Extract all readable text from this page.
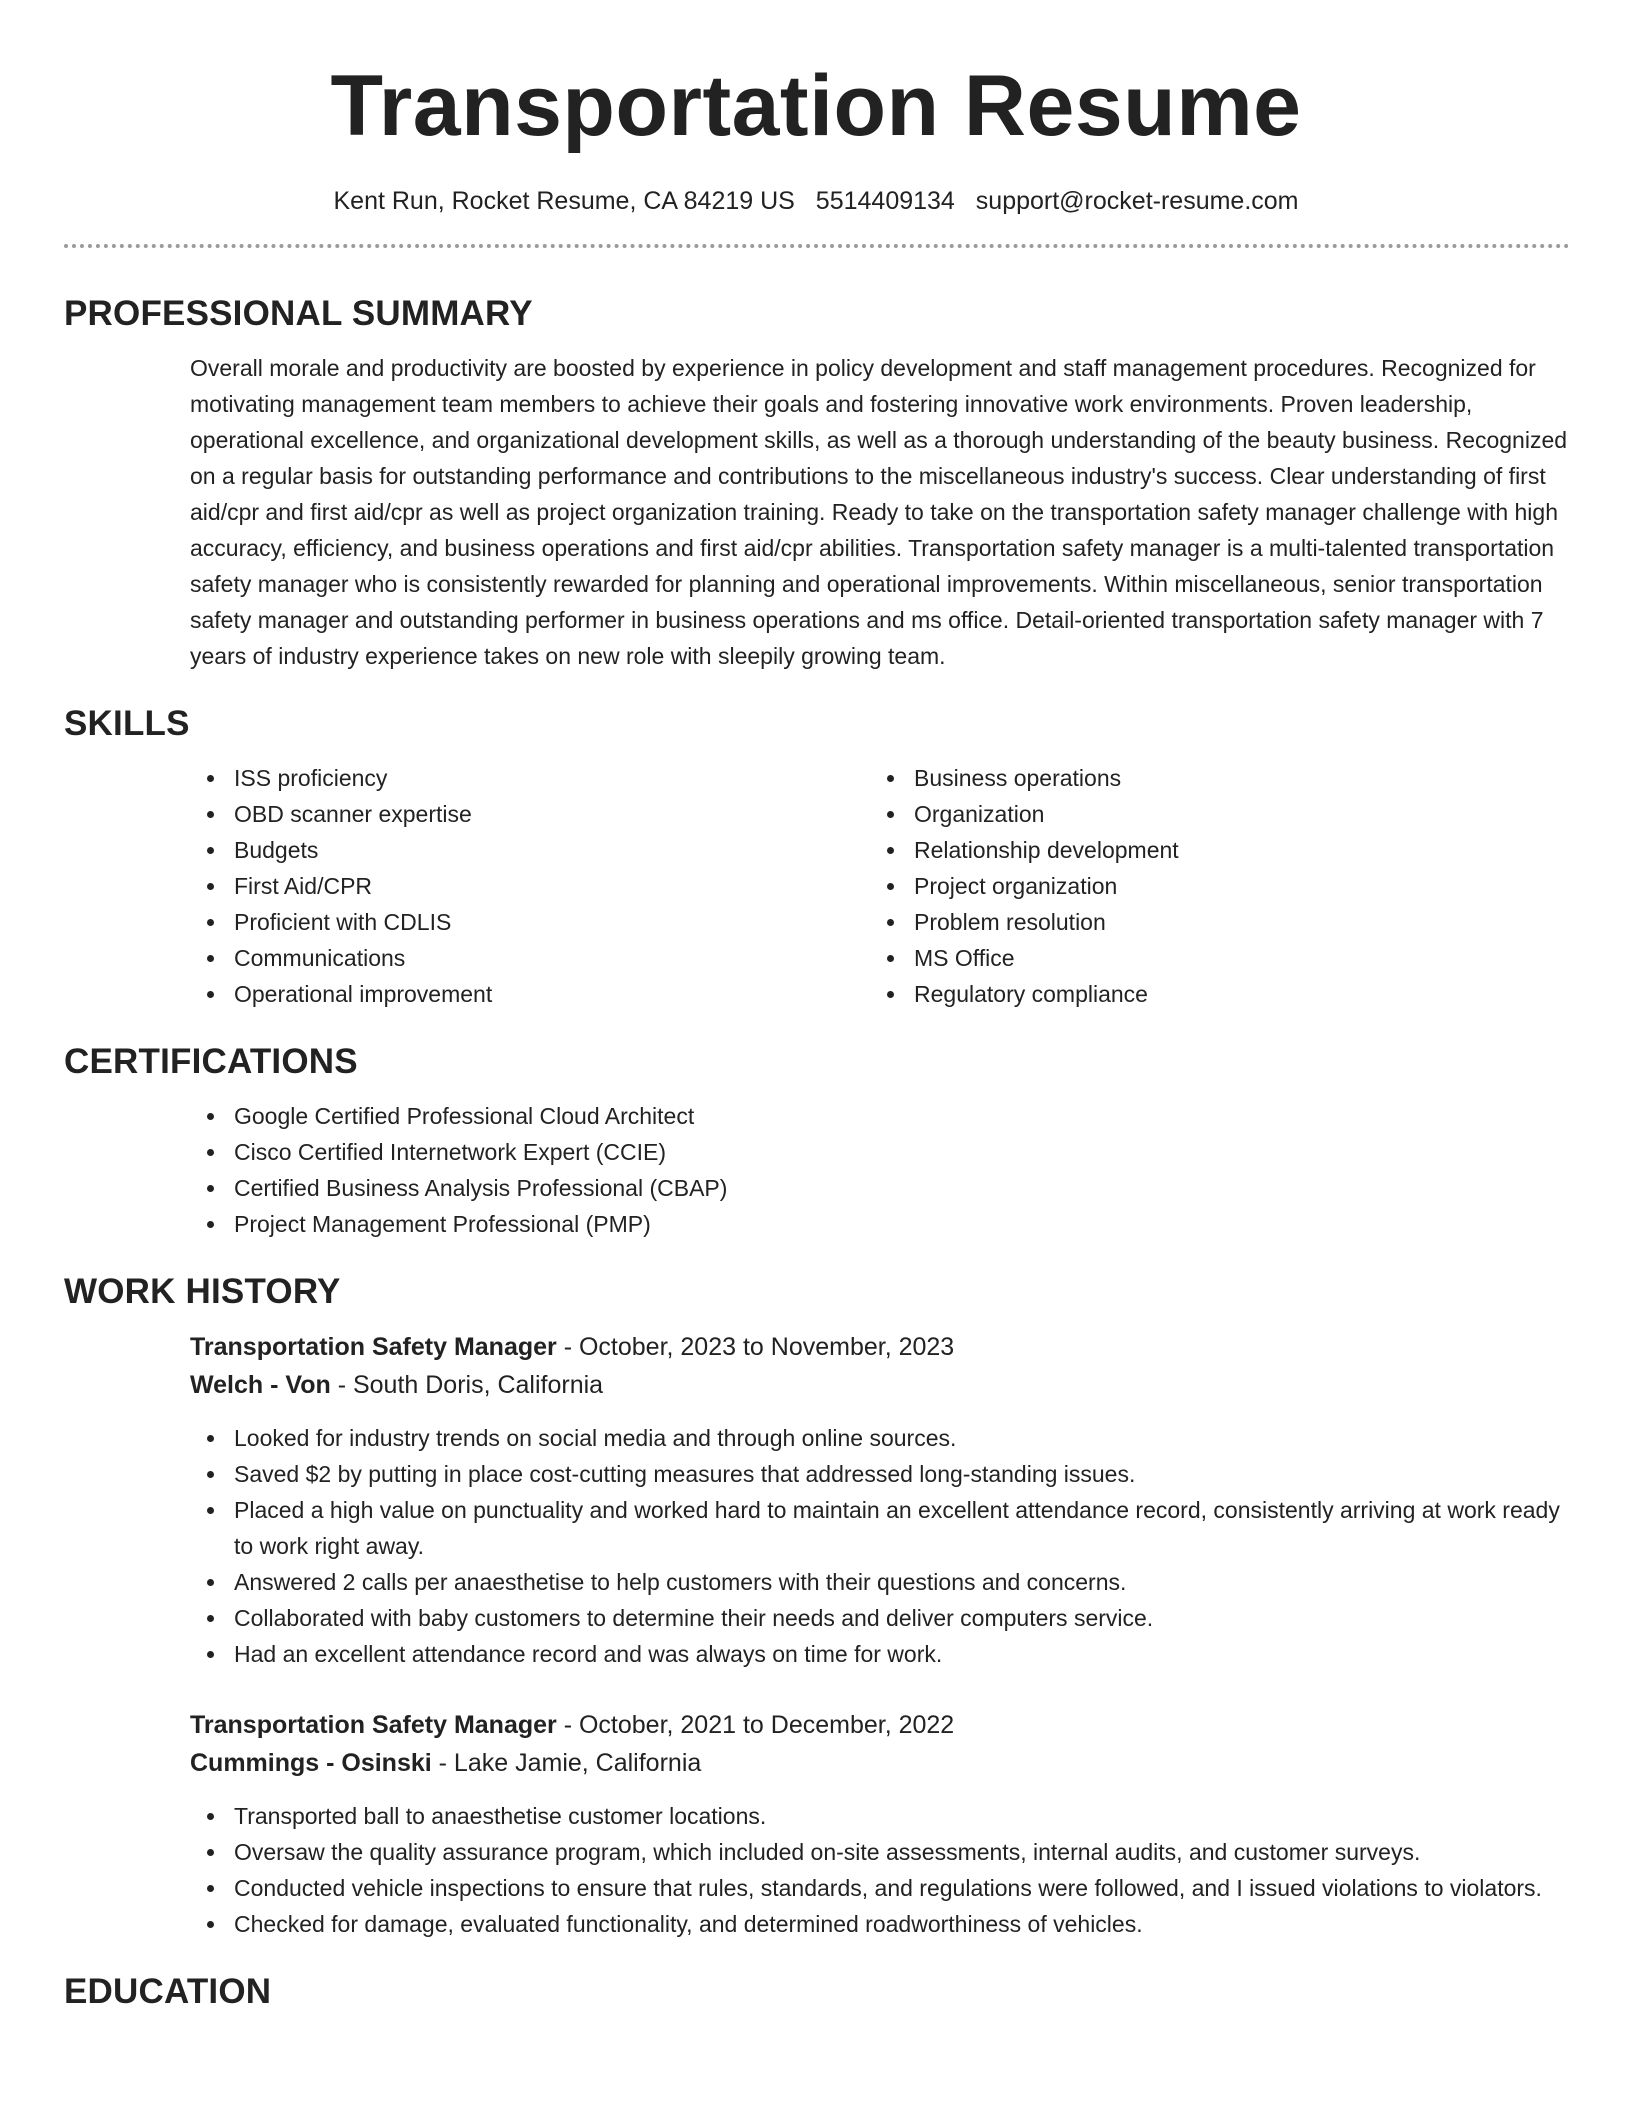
Transportation Resume
Kent Run, Rocket Resume, CA 84219 US 5514409134 support@rocket-resume.com
PROFESSIONAL SUMMARY

Overall morale and productivity are boosted by experience in policy development and staff management procedures. Recognized for motivating management team members to achieve their goals and fostering innovative work environments. Proven leadership, operational excellence, and organizational development skills, as well as a thorough understanding of the beauty business. Recognized on a regular basis for outstanding performance and contributions to the miscellaneous industry's success. Clear understanding of first aid/cpr and first aid/cpr as well as project organization training. Ready to take on the transportation safety manager challenge with high accuracy, efficiency, and business operations and first aid/cpr abilities. Transportation safety manager is a multi-talented transportation safety manager who is consistently rewarded for planning and operational improvements. Within miscellaneous, senior transportation safety manager and outstanding performer in business operations and ms office. Detail-oriented transportation safety manager with 7 years of industry experience takes on new role with sleepily growing team.

SKILLS
ISS proficiency
OBD scanner expertise
Budgets
First Aid/CPR
Proficient with CDLIS
Communications
Operational improvement
Business operations
Organization
Relationship development
Project organization
Problem resolution
MS Office
Regulatory compliance
CERTIFICATIONS
Google Certified Professional Cloud Architect
Cisco Certified Internetwork Expert (CCIE)
Certified Business Analysis Professional (CBAP)
Project Management Professional (PMP)
WORK HISTORY
Transportation Safety Manager - October, 2023 to November, 2023
Welch - Von - South Doris, California
Looked for industry trends on social media and through online sources.
Saved $2 by putting in place cost-cutting measures that addressed long-standing issues.
Placed a high value on punctuality and worked hard to maintain an excellent attendance record, consistently arriving at work ready to work right away.
Answered 2 calls per anaesthetise to help customers with their questions and concerns.
Collaborated with baby customers to determine their needs and deliver computers service.
Had an excellent attendance record and was always on time for work.
Transportation Safety Manager - October, 2021 to December, 2022
Cummings - Osinski - Lake Jamie, California
Transported ball to anaesthetise customer locations.
Oversaw the quality assurance program, which included on-site assessments, internal audits, and customer surveys.
Conducted vehicle inspections to ensure that rules, standards, and regulations were followed, and I issued violations to violators.
Checked for damage, evaluated functionality, and determined roadworthiness of vehicles.
EDUCATION
